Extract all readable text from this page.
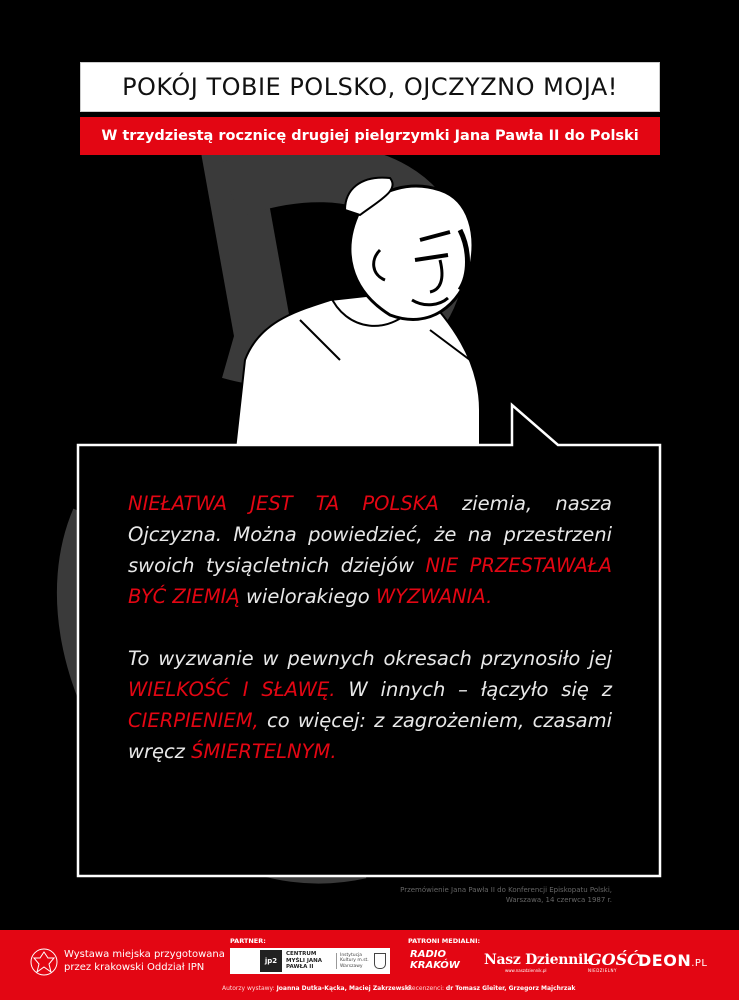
POKÓJ TOBIE POLSKO, OJCZYZNO MOJA!
W trzydziestą rocznicę drugiej pielgrzymki Jana Pawła II do Polski

NIEŁATWA JEST TA POLSKA ziemia, nasza Ojczyzna. Można powiedzieć, że na przestrzeni swoich tysiącletnich dziejów NIE PRZESTAWAŁA BYĆ ZIEMIĄ wielorakiego WYZWANIA.

To wyzwanie w pewnych okresach przynosiło jej WIELKOŚĆ I SŁAWĘ. W innych – łączyło się z CIERPIENIEM, co więcej: z zagrożeniem, czasami wręcz ŚMIERTELNYM.

Przemówienie Jana Pawła II do Konferencji Episkopatu Polski,
Warszawa, 14 czerwca 1987 r.
Wystawa miejska przygotowana
przez krakowski Oddział IPN
PARTNER:
jp2
CENTRUM MYŚLI JANA PAWŁA II
Instytucja Kultury m.st. Warszawy
PATRONI MEDIALNI:
RADIO
KRAKÓW Nasz Dziennik
www.naszdziennik.pl
GOŚĆ
NIEDZIELNY
DEON.PL
Autorzy wystawy: Joanna Dutka-Kącka, Maciej Zakrzewski
Recenzenci: dr Tomasz Gleiter, Grzegorz Majchrzak
